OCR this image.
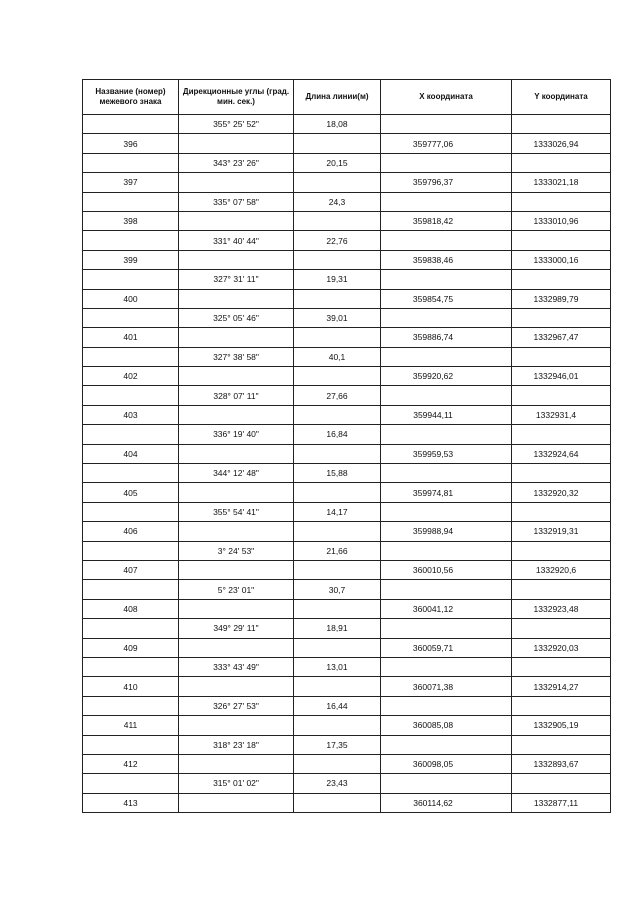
Название (номер) межевого знака	Дирекционные углы (град. мин. сек.)	Длина линии(м)	X координата	Y координата
	355° 25' 52"	18,08		
396			359777,06	1333026,94
	343° 23' 26"	20,15		
397			359796,37	1333021,18
	335° 07' 58"	24,3		
398			359818,42	1333010,96
	331° 40' 44"	22,76		
399			359838,46	1333000,16
	327° 31' 11"	19,31		
400			359854,75	1332989,79
	325° 05' 46"	39,01		
401			359886,74	1332967,47
	327° 38' 58"	40,1		
402			359920,62	1332946,01
	328° 07' 11"	27,66		
403			359944,11	1332931,4
	336° 19' 40"	16,84		
404			359959,53	1332924,64
	344° 12' 48"	15,88		
405			359974,81	1332920,32
	355° 54' 41"	14,17		
406			359988,94	1332919,31
	3° 24' 53"	21,66		
407			360010,56	1332920,6
	5° 23' 01"	30,7		
408			360041,12	1332923,48
	349° 29' 11"	18,91		
409			360059,71	1332920,03
	333° 43' 49"	13,01		
410			360071,38	1332914,27
	326° 27' 53"	16,44		
411			360085,08	1332905,19
	318° 23' 18"	17,35		
412			360098,05	1332893,67
	315° 01' 02"	23,43		
413			360114,62	1332877,11
